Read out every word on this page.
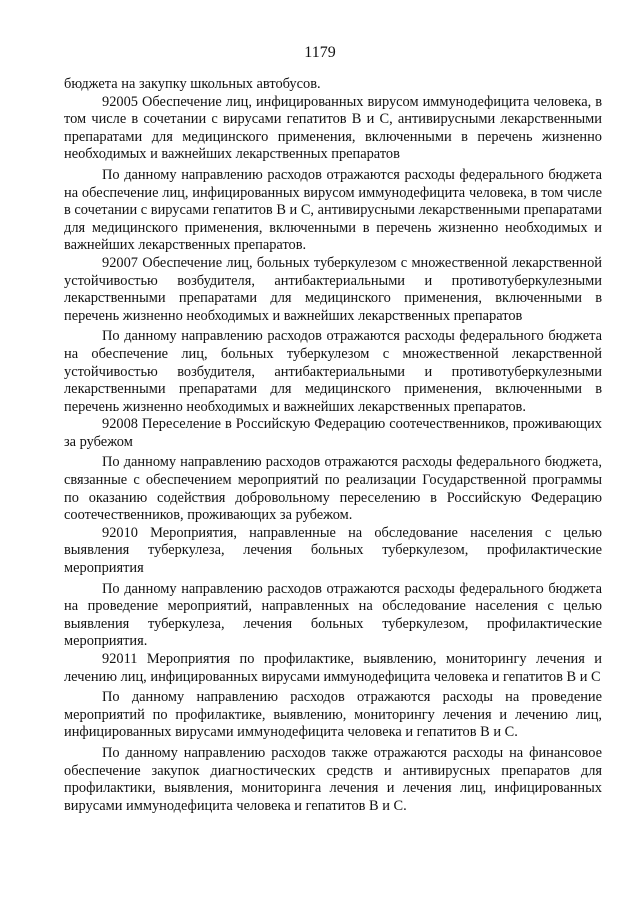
1179

бюджета на закупку школьных автобусов.

92005 Обеспечение лиц, инфицированных вирусом иммунодефицита человека, в том числе в сочетании с вирусами гепатитов В и С, антивирусными лекарственными препаратами для медицинского применения, включенными в перечень жизненно необходимых и важнейших лекарственных препаратов

По данному направлению расходов отражаются расходы федерального бюджета на обеспечение лиц, инфицированных вирусом иммунодефицита человека, в том числе в сочетании с вирусами гепатитов В и С, антивирусными лекарственными препаратами для медицинского применения, включенными в перечень жизненно необходимых и важнейших лекарственных препаратов.

92007 Обеспечение лиц, больных туберкулезом с множественной лекарственной устойчивостью возбудителя, антибактериальными и противотуберкулезными лекарственными препаратами для медицинского применения, включенными в перечень жизненно необходимых и важнейших лекарственных препаратов

По данному направлению расходов отражаются расходы федерального бюджета на обеспечение лиц, больных туберкулезом с множественной лекарственной устойчивостью возбудителя, антибактериальными и противотуберкулезными лекарственными препаратами для медицинского применения, включенными в перечень жизненно необходимых и важнейших лекарственных препаратов.

92008 Переселение в Российскую Федерацию соотечественников, проживающих за рубежом

По данному направлению расходов отражаются расходы федерального бюджета, связанные с обеспечением мероприятий по реализации Государственной программы по оказанию содействия добровольному переселению в Российскую Федерацию соотечественников, проживающих за рубежом.

92010 Мероприятия, направленные на обследование населения с целью выявления туберкулеза, лечения больных туберкулезом, профилактические мероприятия

По данному направлению расходов отражаются расходы федерального бюджета на проведение мероприятий, направленных на обследование населения с целью выявления туберкулеза, лечения больных туберкулезом, профилактические мероприятия.

92011 Мероприятия по профилактике, выявлению, мониторингу лечения и лечению лиц, инфицированных вирусами иммунодефицита человека и гепатитов В и С

По данному направлению расходов отражаются расходы на проведение мероприятий по профилактике, выявлению, мониторингу лечения и лечению лиц, инфицированных вирусами иммунодефицита человека и гепатитов В и С.

По данному направлению расходов также отражаются расходы на финансовое обеспечение закупок диагностических средств и антивирусных препаратов для профилактики, выявления, мониторинга лечения и лечения лиц, инфицированных вирусами иммунодефицита человека и гепатитов В и С.
